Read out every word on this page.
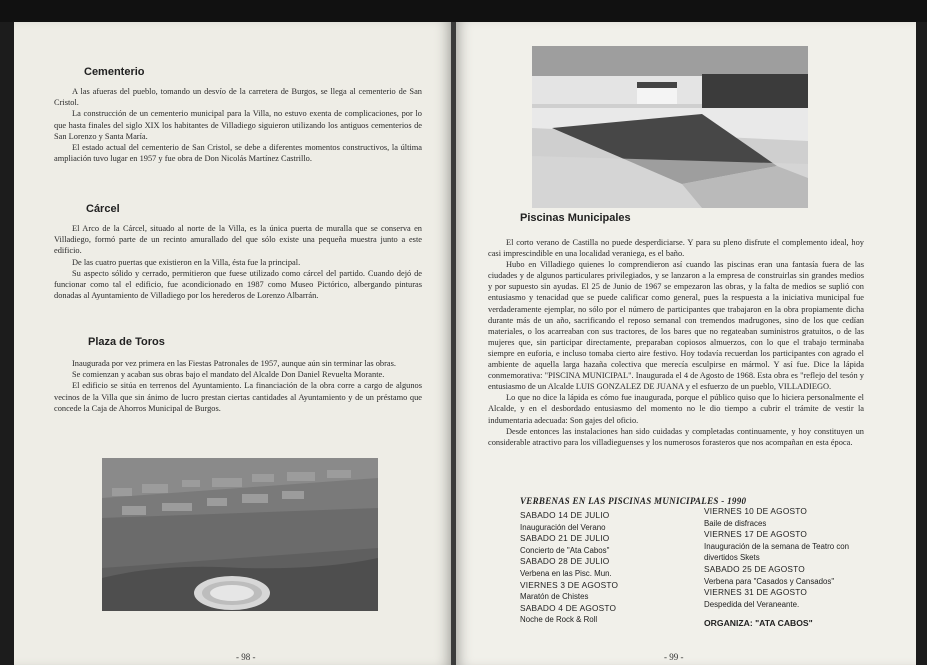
Cementerio
A las afueras del pueblo, tomando un desvío de la carretera de Burgos, se llega al cementerio de San Cristol.
La construcción de un cementerio municipal para la Villa, no estuvo exenta de complicaciones, por lo que hasta finales del siglo XIX los habitantes de Villadiego siguieron utilizando los antiguos cementerios de San Lorenzo y Santa María.
El estado actual del cementerio de San Cristol, se debe a diferentes momentos constructivos, la última ampliación tuvo lugar en 1957 y fue obra de Don Nicolás Martínez Castrillo.
Cárcel
El Arco de la Cárcel, situado al norte de la Villa, es la única puerta de muralla que se conserva en Villadiego, formó parte de un recinto amurallado del que sólo existe una pequeña muestra junto a este edificio.
De las cuatro puertas que existieron en la Villa, ésta fue la principal.
Su aspecto sólido y cerrado, permitieron que fuese utilizado como cárcel del partido. Cuando dejó de funcionar como tal el edificio, fue acondicionado en 1987 como Museo Pictórico, albergando pinturas donadas al Ayuntamiento de Villadiego por los herederos de Lorenzo Albarrán.
Plaza de Toros
Inaugurada por vez primera en las Fiestas Patronales de 1957, aunque aún sin terminar las obras.
Se comienzan y acaban sus obras bajo el mandato del Alcalde Don Daniel Revuelta Morante.
El edificio se sitúa en terrenos del Ayuntamiento. La financiación de la obra corre a cargo de algunos vecinos de la Villa que sin ánimo de lucro prestan ciertas cantidades al Ayuntamiento y de un préstamo que concede la Caja de Ahorros Municipal de Burgos.
- 98 -
Piscinas Municipales
El corto verano de Castilla no puede desperdiciarse. Y para su pleno disfrute el complemento ideal, hoy casi imprescindible en una localidad veraniega, es el baño.
Hubo en Villadiego quienes lo comprendieron así cuando las piscinas eran una fantasía fuera de las ciudades y de algunos particulares privilegiados, y se lanzaron a la empresa de construirlas sin grandes medios y por supuesto sin ayudas. El 25 de Junio de 1967 se empezaron las obras, y la falta de medios se suplió con entusiasmo y tenacidad que se puede calificar como general, pues la respuesta a la iniciativa municipal fue verdaderamente ejemplar, no sólo por el número de participantes que trabajaron en la obra propiamente dicha durante más de un año, sacrificando el reposo semanal con tremendos madrugones, sino de los que cedían materiales, o los acarreaban con sus tractores, de los bares que no regateaban suministros gratuitos, o de las mujeres que, sin participar directamente, preparaban copiosos almuerzos, con lo que el trabajo terminaba siempre en euforia, e incluso tomaba cierto aire festivo. Hoy todavía recuerdan los participantes con agrado el ambiente de aquella larga hazaña colectiva que merecía esculpirse en mármol. Y así fue. Dice la lápida conmemorativa: "PISCINA MUNICIPAL". Inaugurada el 4 de Agosto de 1968. Esta obra es "reflejo del tesón y entusiasmo de un Alcalde LUIS GONZALEZ DE JUANA y el esfuerzo de un pueblo, VILLADIEGO.
Lo que no dice la lápida es cómo fue inaugurada, porque el público quiso que lo hiciera personalmente el Alcalde, y en el desbordado entusiasmo del momento no le dio tiempo a cubrir el trámite de vestir la indumentaria adecuada: Son gajes del oficio.
Desde entonces las instalaciones han sido cuidadas y completadas continuamente, y hoy constituyen un considerable atractivo para los villadieguenses y los numerosos forasteros que nos acompañan en esta época.
VERBENAS EN LAS PISCINAS MUNICIPALES - 1990
SABADO 14 DE JULIO
Inauguración del Verano
SABADO 21 DE JULIO
Concierto de "Ata Cabos"
SABADO 28 DE JULIO
Verbena en las Pisc. Mun.
VIERNES 3 DE AGOSTO
Maratón de Chistes
SABADO 4 DE AGOSTO
Noche de Rock & Roll
VIERNES 10 DE AGOSTO
Baile de disfraces
VIERNES 17 DE AGOSTO
Inauguración de la semana de Teatro con divertidos Skets
SABADO 25 DE AGOSTO
Verbena para "Casados y Cansados"
VIERNES 31 DE AGOSTO
Despedida del Veraneante.
ORGANIZA: "ATA CABOS"
- 99 -
